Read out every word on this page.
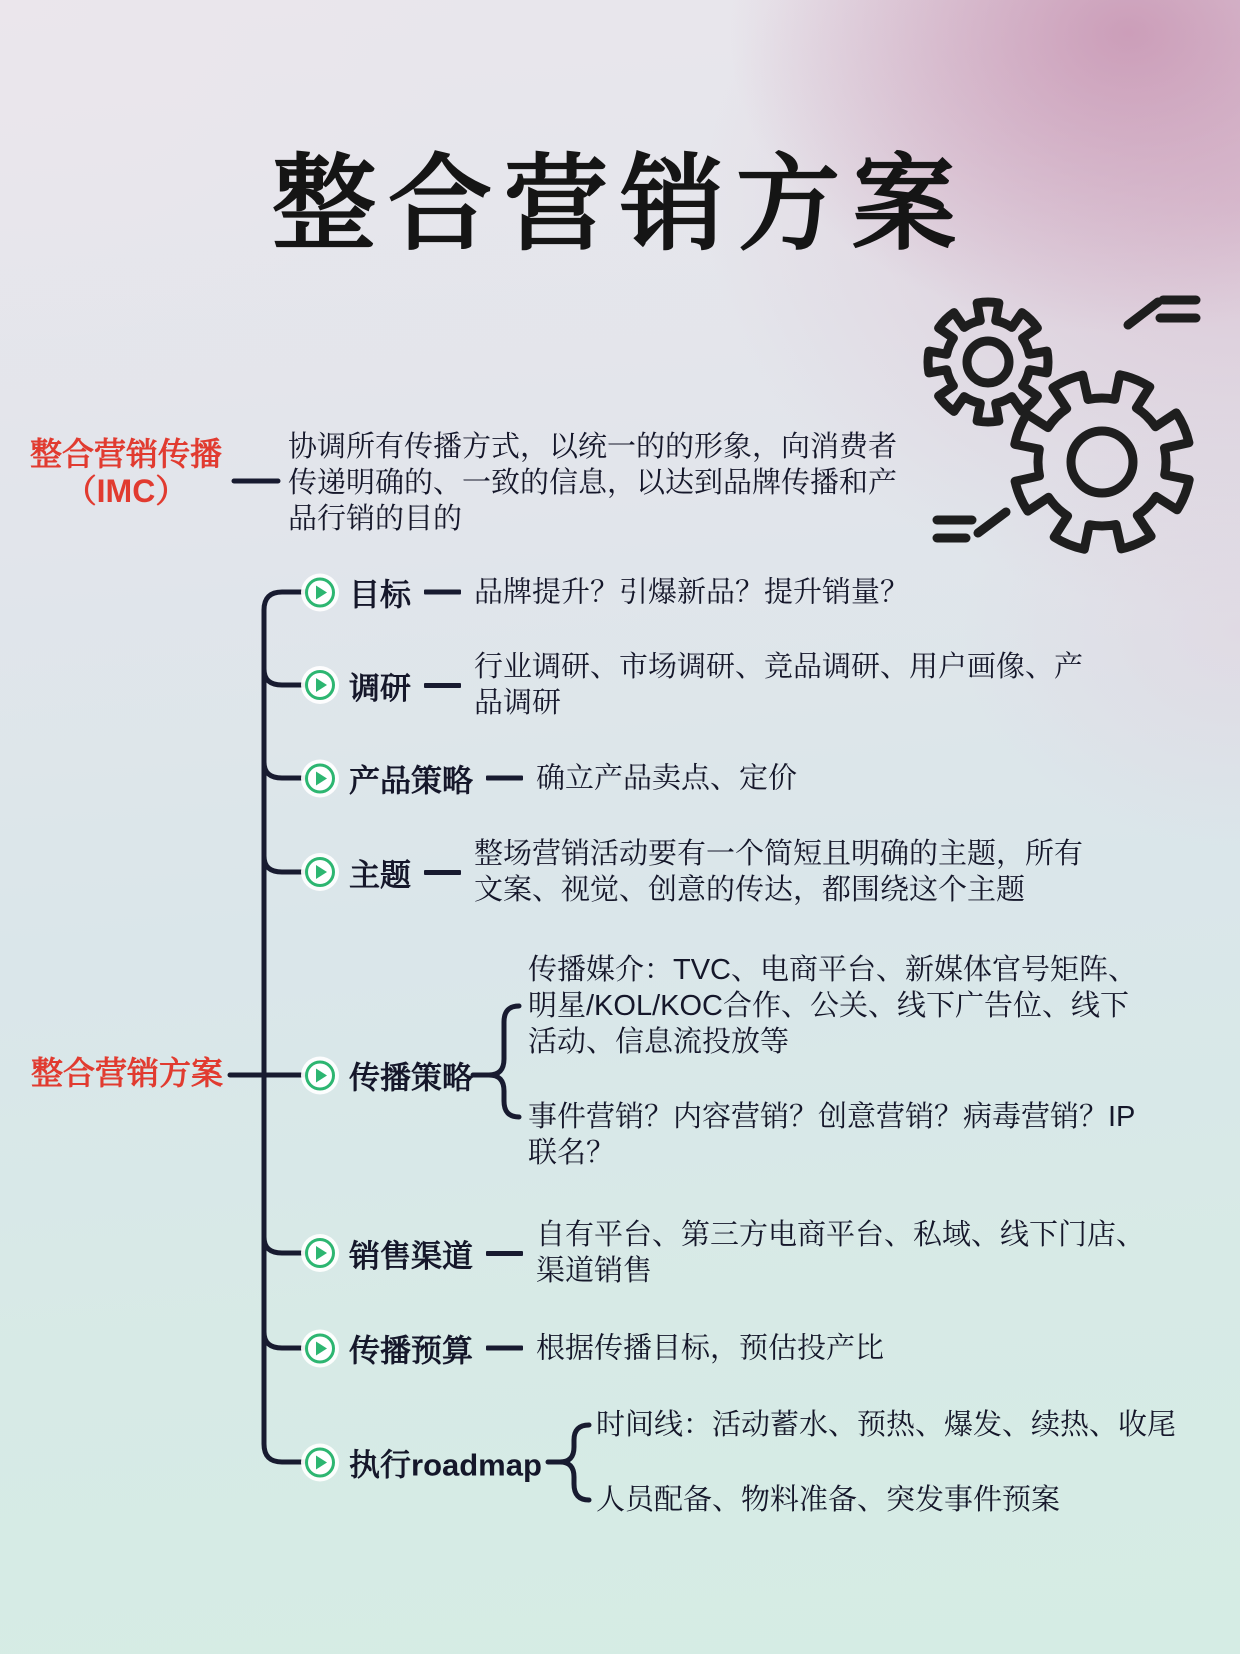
整合营销方案
整合营销传播
（IMC）
协调所有传播方式，以统一的的形象，向消费者传递明确的、一致的信息，以达到品牌传播和产品行销的目的
整合营销方案
目标 品牌提升？引爆新品？提升销量？
调研
行业调研、市场调研、竞品调研、用户画像、产品调研
产品策略 确立产品卖点、定价
主题
整场营销活动要有一个简短且明确的主题，所有文案、视觉、创意的传达，都围绕这个主题
传播策略
传播媒介：TVC、电商平台、新媒体官号矩阵、明星/KOL/KOC合作、公关、线下广告位、线下活动、信息流投放等
事件营销？内容营销？创意营销？病毒营销？IP联名？
销售渠道
自有平台、第三方电商平台、私域、线下门店、渠道销售
传播预算 根据传播目标，预估投产比
执行roadmap
时间线：活动蓄水、预热、爆发、续热、收尾
人员配备、物料准备、突发事件预案
